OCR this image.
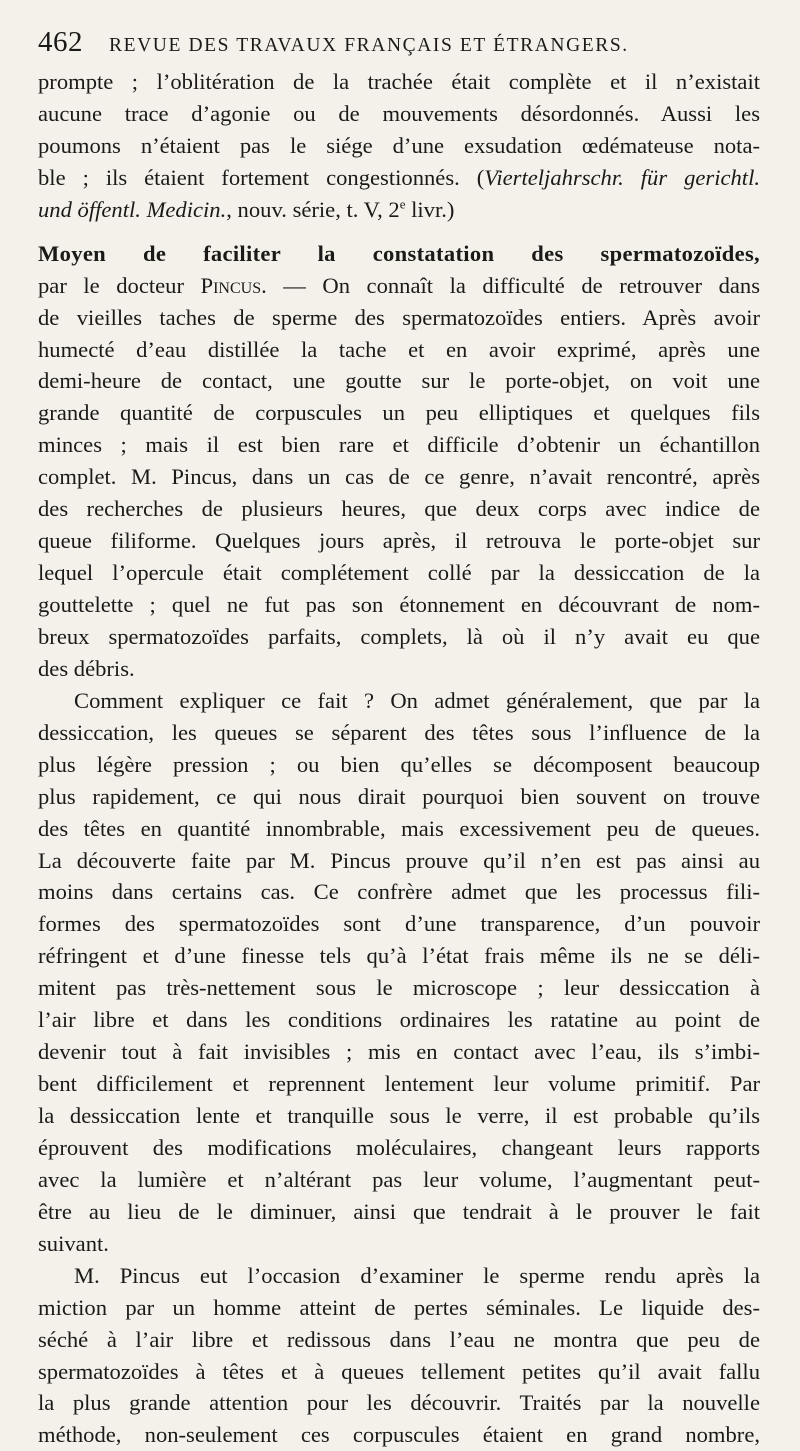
462 REVUE DES TRAVAUX FRANÇAIS ET ÉTRANGERS.
prompte ; l’oblitération de la trachée était complète et il n’existait
aucune trace d’agonie ou de mouvements désordonnés. Aussi les
poumons n’étaient pas le siége d’une exsudation œdémateuse nota-
ble ; ils étaient fortement congestionnés. (Vierteljahrschr. für gerichtl.
und öffentl. Medicin., nouv. série, t. V, 2e livr.)
Moyen de faciliter la constatation des spermatozoïdes,
par le docteur Pincus. — On connaît la difficulté de retrouver dans
de vieilles taches de sperme des spermatozoïdes entiers. Après avoir
humecté d’eau distillée la tache et en avoir exprimé, après une
demi-heure de contact, une goutte sur le porte-objet, on voit une
grande quantité de corpuscules un peu elliptiques et quelques fils
minces ; mais il est bien rare et difficile d’obtenir un échantillon
complet. M. Pincus, dans un cas de ce genre, n’avait rencontré, après
des recherches de plusieurs heures, que deux corps avec indice de
queue filiforme. Quelques jours après, il retrouva le porte-objet sur
lequel l’opercule était complétement collé par la dessiccation de la
gouttelette ; quel ne fut pas son étonnement en découvrant de nom-
breux spermatozoïdes parfaits, complets, là où il n’y avait eu que
des débris.
Comment expliquer ce fait ? On admet généralement, que par la
dessiccation, les queues se séparent des têtes sous l’influence de la
plus légère pression ; ou bien qu’elles se décomposent beaucoup
plus rapidement, ce qui nous dirait pourquoi bien souvent on trouve
des têtes en quantité innombrable, mais excessivement peu de queues.
La découverte faite par M. Pincus prouve qu’il n’en est pas ainsi au
moins dans certains cas. Ce confrère admet que les processus fili-
formes des spermatozoïdes sont d’une transparence, d’un pouvoir
réfringent et d’une finesse tels qu’à l’état frais même ils ne se déli-
mitent pas très-nettement sous le microscope ; leur dessiccation à
l’air libre et dans les conditions ordinaires les ratatine au point de
devenir tout à fait invisibles ; mis en contact avec l’eau, ils s’imbi-
bent difficilement et reprennent lentement leur volume primitif. Par
la dessiccation lente et tranquille sous le verre, il est probable qu’ils
éprouvent des modifications moléculaires, changeant leurs rapports
avec la lumière et n’altérant pas leur volume, l’augmentant peut-
être au lieu de le diminuer, ainsi que tendrait à le prouver le fait
suivant.
M. Pincus eut l’occasion d’examiner le sperme rendu après la
miction par un homme atteint de pertes séminales. Le liquide des-
séché à l’air libre et redissous dans l’eau ne montra que peu de
spermatozoïdes à têtes et à queues tellement petites qu’il avait fallu
la plus grande attention pour les découvrir. Traités par la nouvelle
méthode, non-seulement ces corpuscules étaient en grand nombre,
